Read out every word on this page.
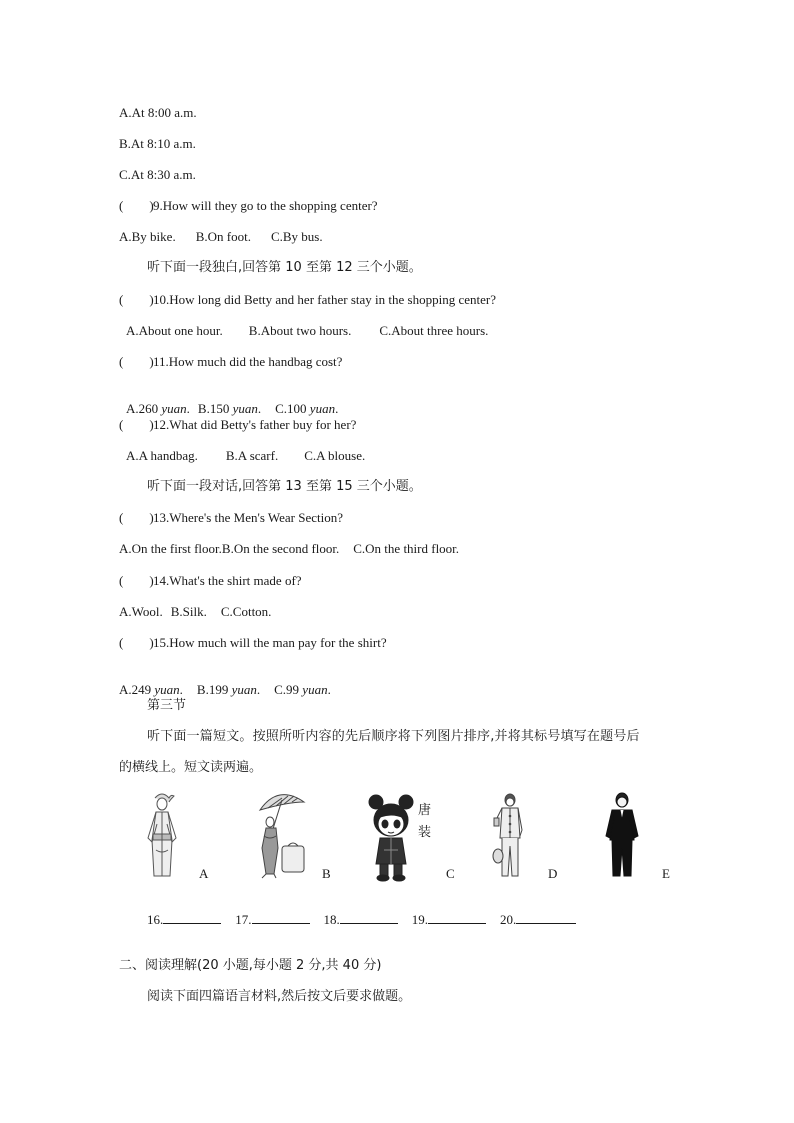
A.At 8:00 a.m.
B.At 8:10 a.m.
C.At 8:30 a.m.
(        )9.How will they go to the shopping center?
A.By bike. B.On foot. C.By bus.
听下面一段独白,回答第 10 至第 12 三个小题。
(        )10.How long did Betty and her father stay in the shopping center?
A.About one hour. B.About two hours. C.About three hours.
(        )11.How much did the handbag cost?

A.260 yuan. B.150 yuan. C.100 yuan.
(        )12.What did Betty's father buy for her?
A.A handbag. B.A scarf. C.A blouse.
听下面一段对话,回答第 13 至第 15 三个小题。
(        )13.Where's the Men's Wear Section?
A.On the first floor.B.On the second floor. C.On the third floor.
(        )14.What's the shirt made of?
A.Wool. B.Silk. C.Cotton.
(        )15.How much will the man pay for the shirt?

A.249 yuan. B.199 yuan. C.99 yuan.
第三节
听下面一篇短文。按照所听内容的先后顺序将下列图片排序,并将其标号填写在题号后
的横线上。短文读两遍。
A	B
唐装
C	D	E

16.	17.	18.	19.	20.
二、阅读理解(20 小题,每小题 2 分,共 40 分)
阅读下面四篇语言材料,然后按文后要求做题。
